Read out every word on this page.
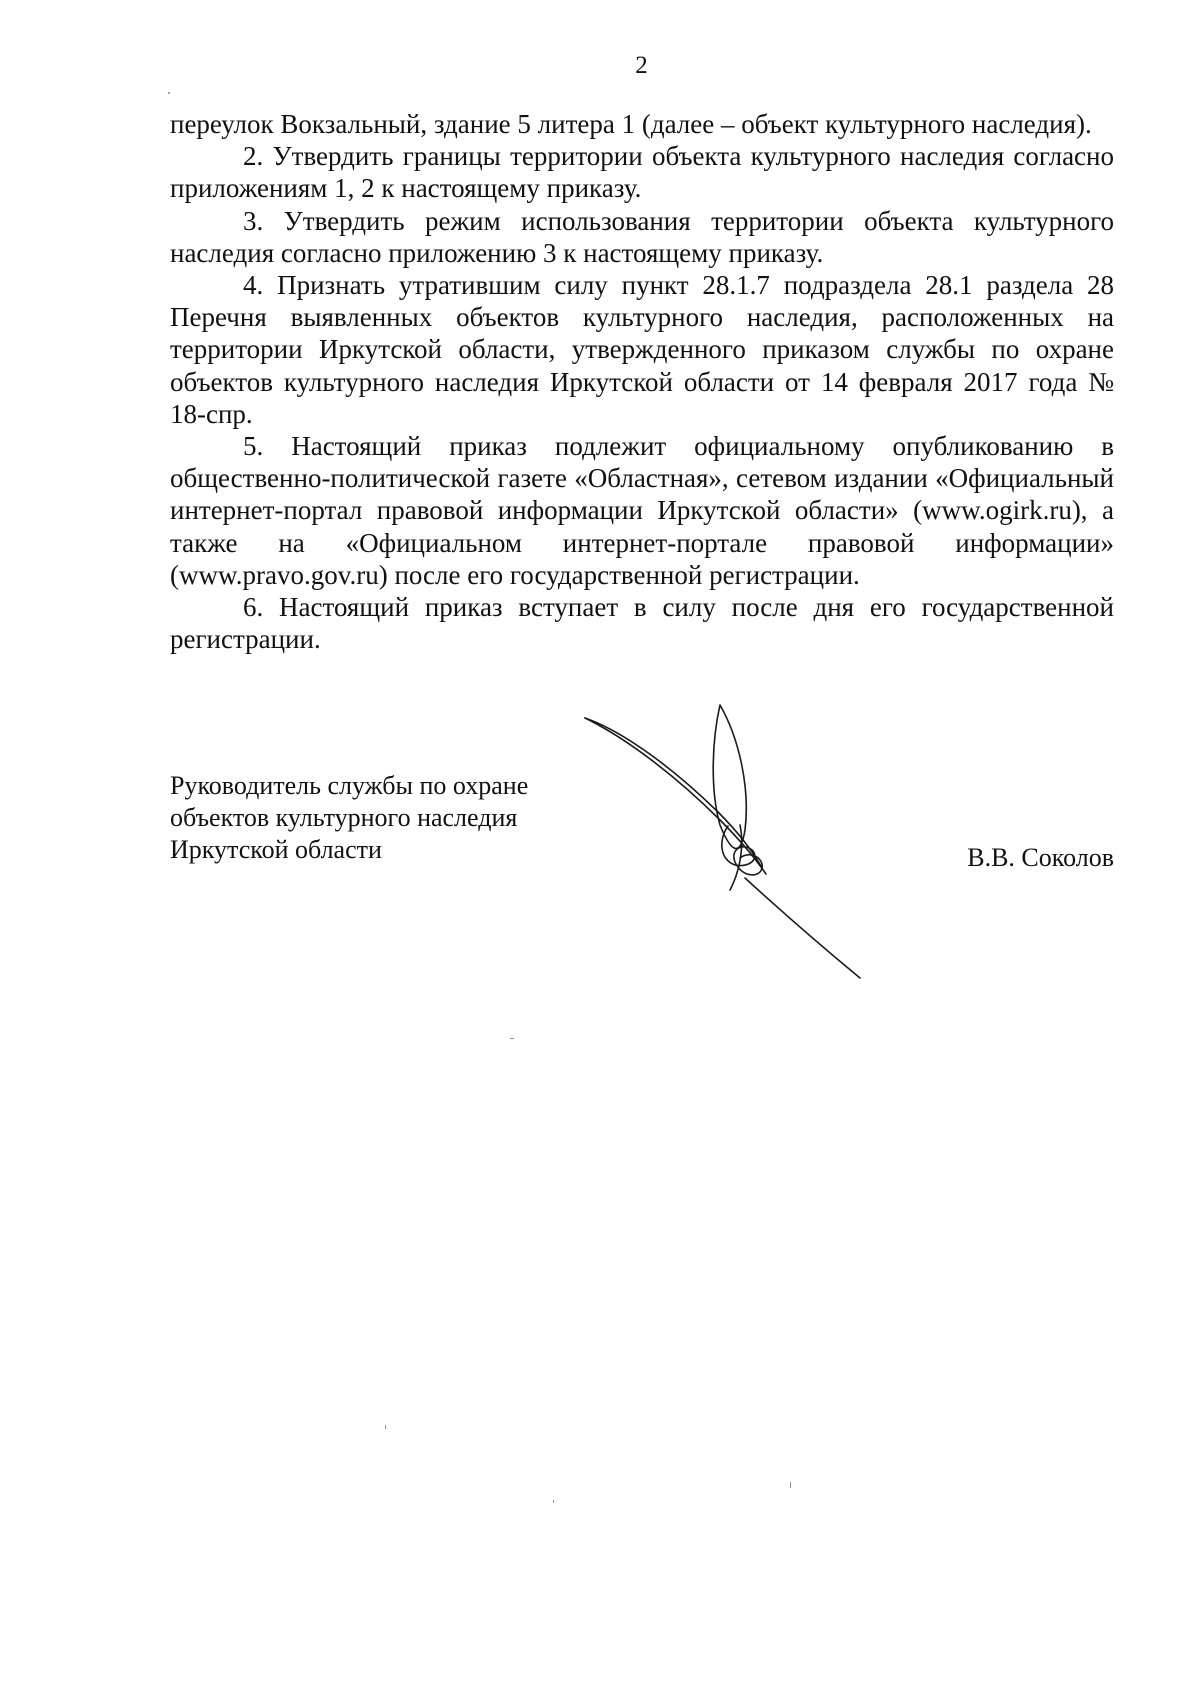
2

переулок Вокзальный, здание 5 литера 1 (далее – объект культурного наследия).

2. Утвердить границы территории объекта культурного наследия согласно приложениям 1, 2 к настоящему приказу.

3. Утвердить режим использования территории объекта культурного наследия согласно приложению 3 к настоящему приказу.

4. Признать утратившим силу пункт 28.1.7 подраздела 28.1 раздела 28 Перечня выявленных объектов культурного наследия, расположенных на территории Иркутской области, утвержденного приказом службы по охране объектов культурного наследия Иркутской области от 14 февраля 2017 года № 18-спр.

5. Настоящий приказ подлежит официальному опубликованию в общественно-политической газете «Областная», сетевом издании «Официальный интернет-портал правовой информации Иркутской области» (www.ogirk.ru), а также на «Официальном интернет-портале правовой информации» (www.pravo.gov.ru) после его государственной регистрации.

6. Настоящий приказ вступает в силу после дня его государственной регистрации.

Руководитель службы по охране
объектов культурного наследия
Иркутской области	В.В. Соколов
